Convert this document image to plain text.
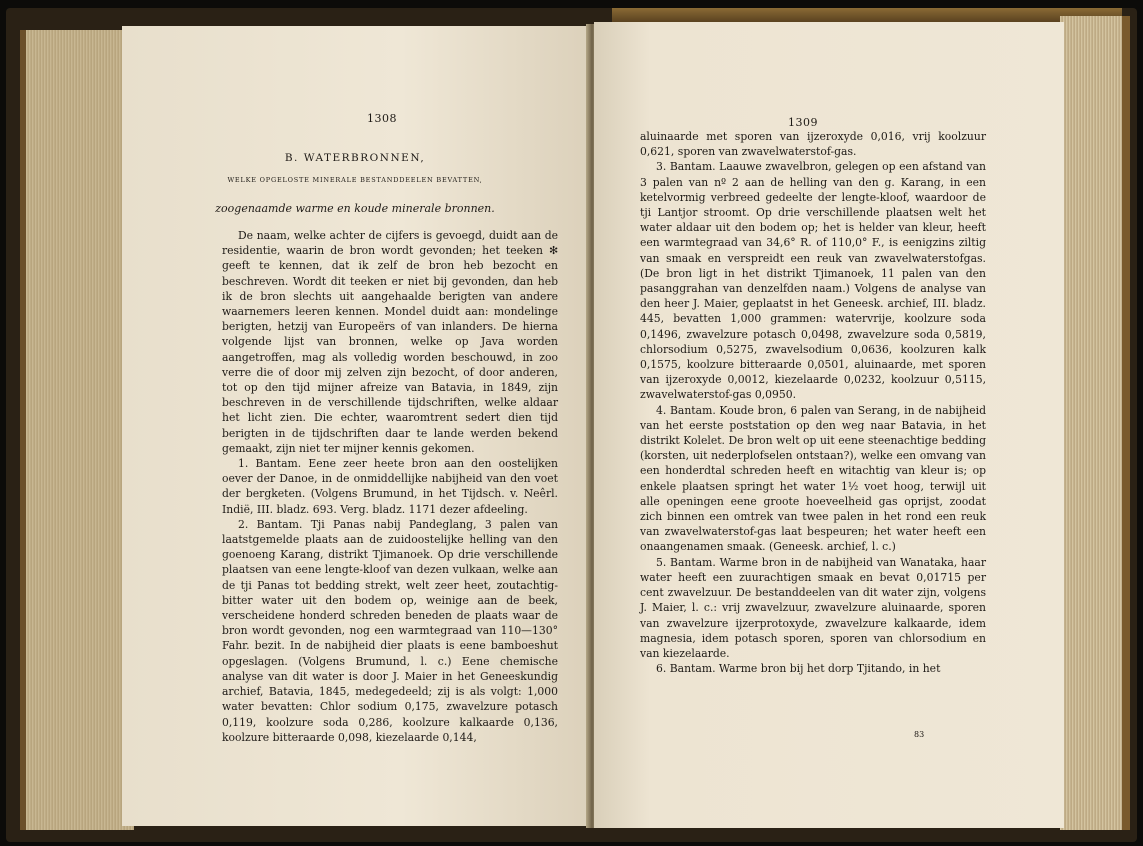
1308
B. WATERBRONNEN,
WELKE OPGELOSTE MINERALE BESTANDDEELEN BEVATTEN,
zoogenaamde warme en koude minerale bronnen.

De naam, welke achter de cijfers is gevoegd, duidt aan de residentie, waarin de bron wordt gevonden; het teeken ✻ geeft te kennen, dat ik zelf de bron heb bezocht en beschreven. Wordt dit teeken er niet bij gevonden, dan heb ik de bron slechts uit aangehaalde berigten van andere waarnemers leeren kennen. Mondel duidt aan: mondelinge berigten, hetzij van Europeërs of van inlanders. De hierna volgende lijst van bronnen, welke op Java worden aangetroffen, mag als volledig worden beschouwd, in zoo verre die of door mij zelven zijn bezocht, of door anderen, tot op den tijd mijner afreize van Batavia, in 1849, zijn beschreven in de verschillende tijdschriften, welke aldaar het licht zien. Die echter, waaromtrent sedert dien tijd berigten in de tijdschriften daar te lande werden bekend gemaakt, zijn niet ter mijner kennis gekomen.

1. Bantam. Eene zeer heete bron aan den oostelijken oever der Danoe, in de onmiddellijke nabijheid van den voet der bergketen. (Volgens Brumund, in het Tijdsch. v. Neêrl. Indië, III. bladz. 693. Verg. bladz. 1171 dezer afdeeling.

2. Bantam. Tji Panas nabij Pandeglang, 3 palen van laatstgemelde plaats aan de zuidoostelijke helling van den goenoeng Karang, distrikt Tjimanoek. Op drie verschillende plaatsen van eene lengte-kloof van dezen vulkaan, welke aan de tji Panas tot bedding strekt, welt zeer heet, zoutachtig-bitter water uit den bodem op, weinige aan de beek, verscheidene honderd schreden beneden de plaats waar de bron wordt gevonden, nog een warmtegraad van 110—130° Fahr. bezit. In de nabijheid dier plaats is eene bamboeshut opgeslagen. (Volgens Brumund, l. c.) Eene chemische analyse van dit water is door J. Maier in het Geneeskundig archief, Batavia, 1845, medegedeeld; zij is als volgt: 1,000 water bevatten: Chlor sodium 0,175, zwavelzure potasch 0,119, koolzure soda 0,286, koolzure kalkaarde 0,136, koolzure bitteraarde 0,098, kiezelaarde 0,144,

1309

aluinaarde met sporen van ijzeroxyde 0,016, vrij koolzuur 0,621, sporen van zwavelwaterstof-gas.

3. Bantam. Laauwe zwavelbron, gelegen op een afstand van 3 palen van nº 2 aan de helling van den g. Karang, in een ketelvormig verbreed gedeelte der lengte-kloof, waardoor de tji Lantjor stroomt. Op drie verschillende plaatsen welt het water aldaar uit den bodem op; het is helder van kleur, heeft een warmtegraad van 34,6° R. of 110,0° F., is eenigzins ziltig van smaak en verspreidt een reuk van zwavelwaterstofgas. (De bron ligt in het distrikt Tjimanoek, 11 palen van den pasanggrahan van denzelfden naam.) Volgens de analyse van den heer J. Maier, geplaatst in het Geneesk. archief, III. bladz. 445, bevatten 1,000 grammen: watervrije, koolzure soda 0,1496, zwavelzure potasch 0,0498, zwavelzure soda 0,5819, chlorsodium 0,5275, zwavelsodium 0,0636, koolzuren kalk 0,1575, koolzure bitteraarde 0,0501, aluinaarde, met sporen van ijzeroxyde 0,0012, kiezelaarde 0,0232, koolzuur 0,5115, zwavelwaterstof-gas 0,0950.

4. Bantam. Koude bron, 6 palen van Serang, in de nabijheid van het eerste poststation op den weg naar Batavia, in het distrikt Kolelet. De bron welt op uit eene steenachtige bedding (korsten, uit nederplofselen ontstaan?), welke een omvang van een honderdtal schreden heeft en witachtig van kleur is; op enkele plaatsen springt het water 1½ voet hoog, terwijl uit alle openingen eene groote hoeveelheid gas oprijst, zoodat zich binnen een omtrek van twee palen in het rond een reuk van zwavelwaterstof-gas laat bespeuren; het water heeft een onaangenamen smaak. (Geneesk. archief, l. c.)

5. Bantam. Warme bron in de nabijheid van Wanataka, haar water heeft een zuurachtigen smaak en bevat 0,01715 per cent zwavelzuur. De bestanddeelen van dit water zijn, volgens J. Maier, l. c.: vrij zwavelzuur, zwavelzure aluinaarde, sporen van zwavelzure ijzerprotoxyde, zwavelzure kalkaarde, idem magnesia, idem potasch sporen, sporen van chlorsodium en van kiezelaarde.

6. Bantam. Warme bron bij het dorp Tjitando, in het

83
